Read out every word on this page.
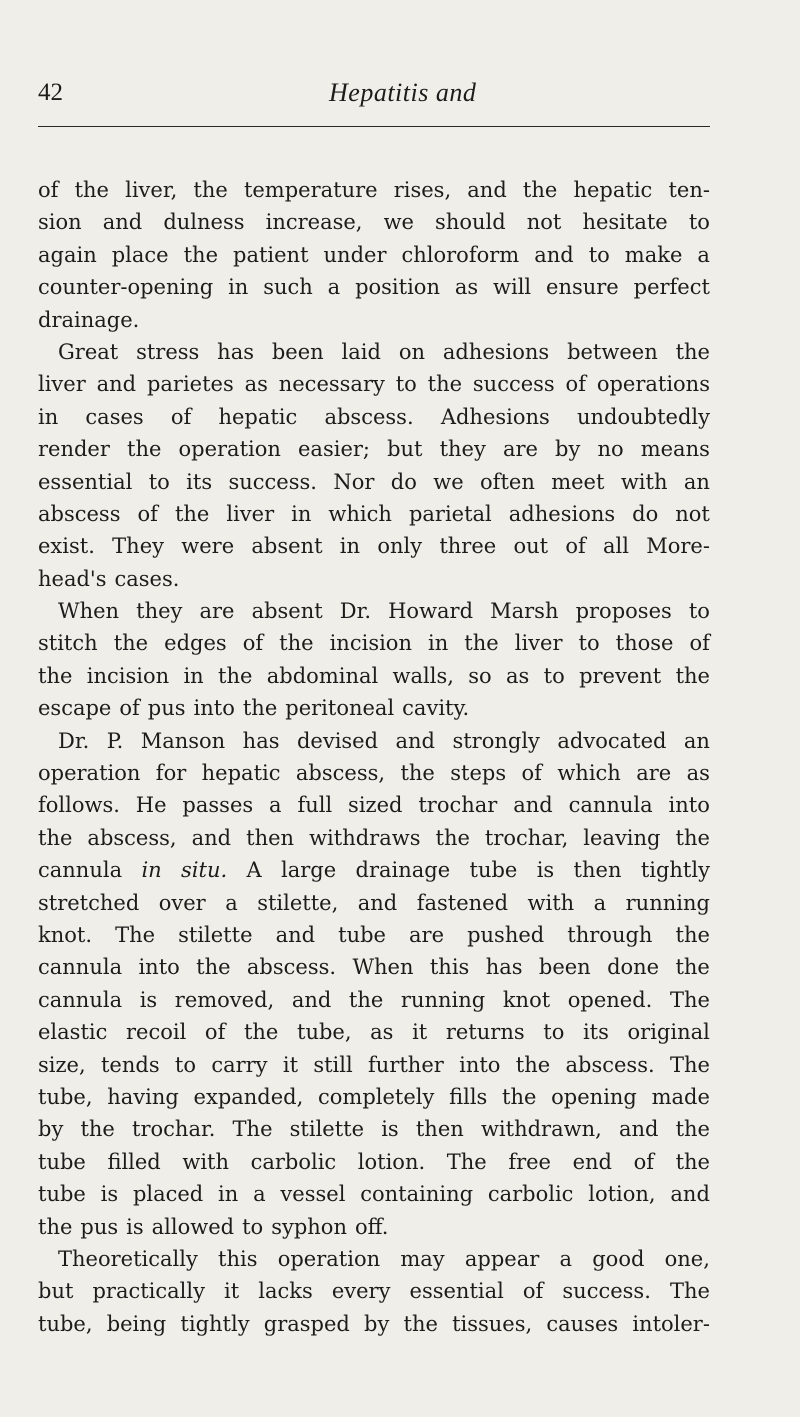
42	Hepatitis and
of the liver, the temperature rises, and the hepatic ten-
sion and dulness increase, we should not hesitate to
again place the patient under chloroform and to make a
counter-opening in such a position as will ensure perfect
drainage.
Great stress has been laid on adhesions between the
liver and parietes as necessary to the success of operations
in cases of hepatic abscess. Adhesions undoubtedly
render the operation easier; but they are by no means
essential to its success. Nor do we often meet with an
abscess of the liver in which parietal adhesions do not
exist. They were absent in only three out of all More-
head's cases.
When they are absent Dr. Howard Marsh proposes to
stitch the edges of the incision in the liver to those of
the incision in the abdominal walls, so as to prevent the
escape of pus into the peritoneal cavity.
Dr. P. Manson has devised and strongly advocated an
operation for hepatic abscess, the steps of which are as
follows. He passes a full sized trochar and cannula into
the abscess, and then withdraws the trochar, leaving the
cannula in situ. A large drainage tube is then tightly
stretched over a stilette, and fastened with a running
knot. The stilette and tube are pushed through the
cannula into the abscess. When this has been done the
cannula is removed, and the running knot opened. The
elastic recoil of the tube, as it returns to its original
size, tends to carry it still further into the abscess. The
tube, having expanded, completely fills the opening made
by the trochar. The stilette is then withdrawn, and the
tube filled with carbolic lotion. The free end of the
tube is placed in a vessel containing carbolic lotion, and
the pus is allowed to syphon off.
Theoretically this operation may appear a good one,
but practically it lacks every essential of success. The
tube, being tightly grasped by the tissues, causes intoler-
